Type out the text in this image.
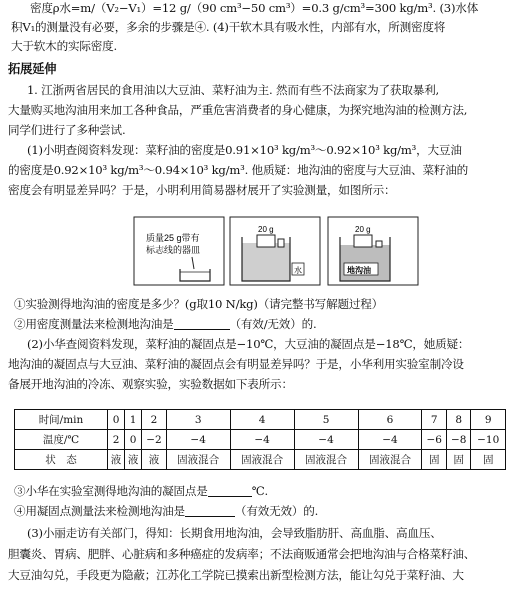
密度ρ水=m/（V₂−V₁）=12 g/（90 cm³−50 cm³）=0.3 g/cm³=300 kg/m³. (3)水体
积V₁的测量没有必要，多余的步骤是④. (4)干软木具有吸水性，内部有水，所测密度将
大于软木的实际密度.
拓展延伸
1. 江浙两省居民的食用油以大豆油、菜籽油为主. 然而有些不法商家为了获取暴利,
大量购买地沟油用来加工各种食品，严重危害消费者的身心健康，为探究地沟油的检测方法,
同学们进行了多种尝试.
(1)小明查阅资料发现：菜籽油的密度是0.91×10³ kg/m³～0.92×10³ kg/m³，大豆油
的密度是0.92×10³ kg/m³～0.94×10³ kg/m³. 他质疑：地沟油的密度与大豆油、菜籽油的
密度会有明显差异吗？于是，小明利用简易器材展开了实验测量，如图所示：
质量25 g带有
标志线的器皿
20 g
水
20 g
地沟油
①实验测得地沟油的密度是多少？(g取10 N/kg)（请完整书写解题过程）
②用密度测量法来检测地沟油是	（有效/无效）的.
(2)小华查阅资料发现，菜籽油的凝固点是−10℃，大豆油的凝固点是−18℃，她质疑：
地沟油的凝固点与大豆油、菜籽油的凝固点会有明显差异吗？于是，小华利用实验室制冷设
备展开地沟油的冷冻、观察实验，实验数据如下表所示：
时间/min	0	1	2	3	4	5	6	7	8	9
温度/℃	2	0	−2	−4	−4	−4	−4	−6	−8	−10
状　态	液	液	液	固液混合	固液混合	固液混合	固液混合	固	固	固
③小华在实验室测得地沟油的凝固点是	℃.
④用凝固点测量法来检测地沟油是	（有效无效）的.
(3)小丽走访有关部门，得知：长期食用地沟油，会导致脂肪肝、高血脂、高血压、
胆囊炎、胃病、肥胖、心脏病和多种癌症的发病率；不法商贩通常会把地沟油与合格菜籽油、
大豆油勾兑，手段更为隐蔽；江苏化工学院已摸索出新型检测方法，能让勾兑于菜籽油、大
